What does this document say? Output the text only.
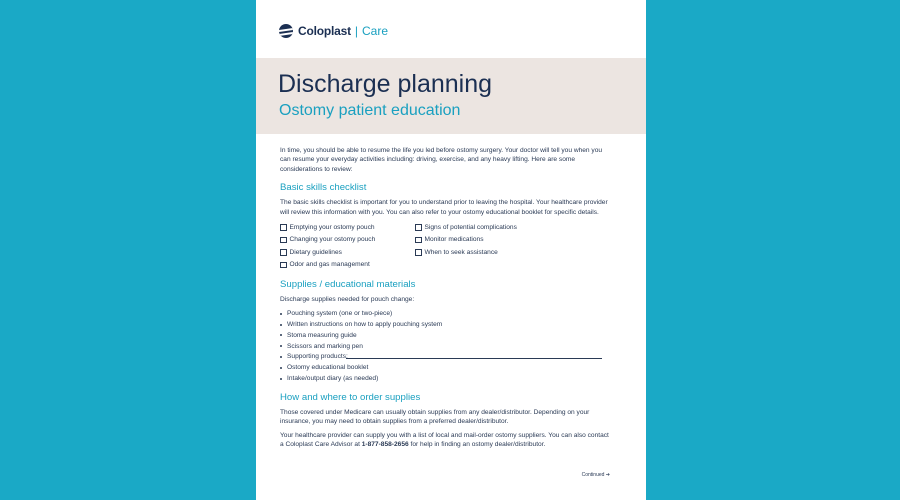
Coloplast | Care
Discharge planning
Ostomy patient education

In time, you should be able to resume the life you led before ostomy surgery. Your doctor will tell you when you can resume your everyday activities including: driving, exercise, and any heavy lifting. Here are some considerations to review:

Basic skills checklist

The basic skills checklist is important for you to understand prior to leaving the hospital. Your healthcare provider will review this information with you. You can also refer to your ostomy educational booklet for specific details.

Emptying your ostomy pouch
Changing your ostomy pouch
Dietary guidelines
Odor and gas management
Signs of potential complications
Monitor medications
When to seek assistance
Supplies / educational materials

Discharge supplies needed for pouch change:

Pouching system (one or two-piece)
Written instructions on how to apply pouching system
Stoma measuring guide
Scissors and marking pen
Supporting products:
Ostomy educational booklet
Intake/output diary (as needed)
How and where to order supplies

Those covered under Medicare can usually obtain supplies from any dealer/distributor. Depending on your insurance, you may need to obtain supplies from a preferred dealer/distributor.

Your healthcare provider can supply you with a list of local and mail-order ostomy suppliers. You can also contact a Coloplast Care Advisor at 1-877-858-2656 for help in finding an ostomy dealer/distributor.

Continued ➔
